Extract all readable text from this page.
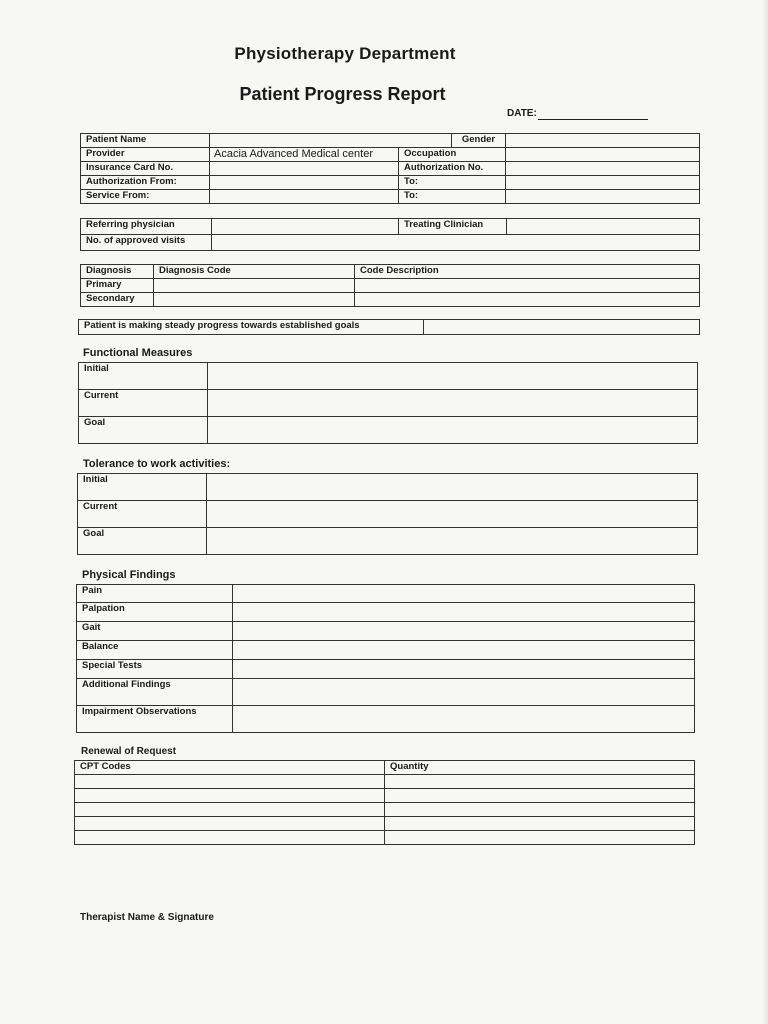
Physiotherapy Department
Patient Progress Report
DATE:
Patient Name			Gender	
Provider	Acacia Advanced Medical center	Occupation		
Insurance Card No.		Authorization No.		
Authorization From:		To:		
Service From:		To:		
Referring physician		Treating Clinician	
No. of approved visits			
Diagnosis	Diagnosis Code	Code Description
Primary		
Secondary		
Patient is making steady progress towards established goals	
Functional Measures
Initial	
Current	
Goal	
Tolerance to work activities:
Initial	
Current	
Goal	
Physical Findings
Pain	
Palpation	
Gait	
Balance	
Special Tests	
Additional Findings	
Impairment Observations	
Renewal of Request
CPT Codes	Quantity

Therapist Name & Signature
